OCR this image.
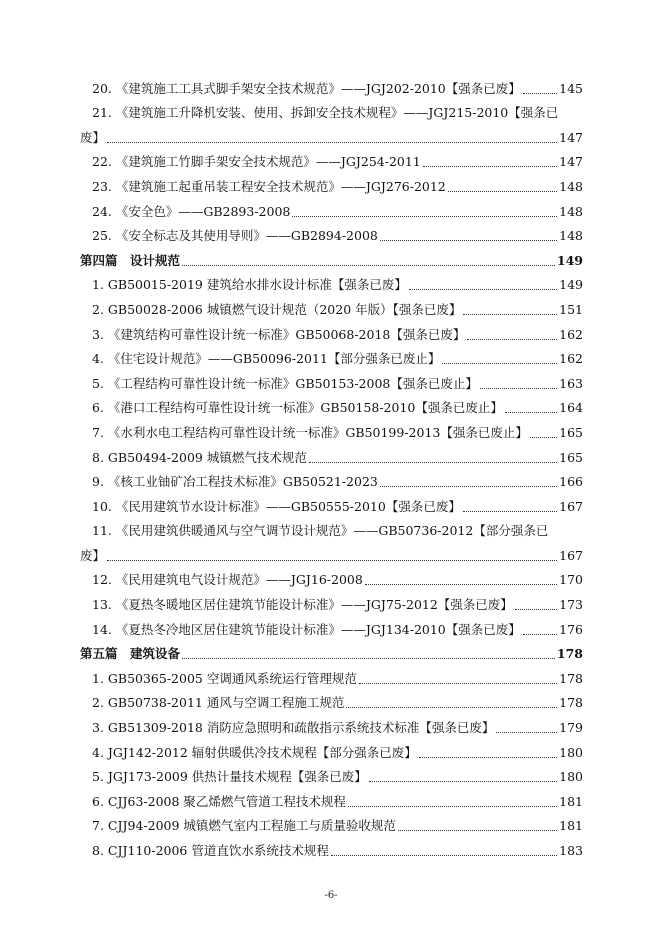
20. 《建筑施工工具式脚手架安全技术规范》——JGJ202-2010【强条已废】	145
21. 《建筑施工升降机安装、使用、拆卸安全技术规程》——JGJ215-2010【强条已
废】	147
22. 《建筑施工竹脚手架安全技术规范》——JGJ254-2011	147
23. 《建筑施工起重吊装工程安全技术规范》——JGJ276-2012	148
24. 《安全色》——GB2893-2008	148
25. 《安全标志及其使用导则》——GB2894-2008	148
第四篇　设计规范	149
1. GB50015-2019 建筑给水排水设计标准【强条已废】	149
2. GB50028-2006 城镇燃气设计规范（2020 年版）【强条已废】	151
3. 《建筑结构可靠性设计统一标准》GB50068-2018【强条已废】	162
4. 《住宅设计规范》——GB50096-2011【部分强条已废止】	162
5. 《工程结构可靠性设计统一标准》GB50153-2008【强条已废止】	163
6. 《港口工程结构可靠性设计统一标准》GB50158-2010【强条已废止】	164
7. 《水利水电工程结构可靠性设计统一标准》GB50199-2013【强条已废止】	165
8. GB50494-2009 城镇燃气技术规范	165
9. 《核工业铀矿冶工程技术标准》GB50521-2023	166
10. 《民用建筑节水设计标准》——GB50555-2010【强条已废】	167
11. 《民用建筑供暖通风与空气调节设计规范》——GB50736-2012【部分强条已
废】	167
12. 《民用建筑电气设计规范》——JGJ16-2008	170
13. 《夏热冬暖地区居住建筑节能设计标准》——JGJ75-2012【强条已废】	173
14. 《夏热冬冷地区居住建筑节能设计标准》——JGJ134-2010【强条已废】	176
第五篇　建筑设备	178
1. GB50365-2005 空调通风系统运行管理规范	178
2. GB50738-2011 通风与空调工程施工规范	178
3. GB51309-2018 消防应急照明和疏散指示系统技术标准【强条已废】	179
4. JGJ142-2012 辐射供暖供冷技术规程【部分强条已废】	180
5. JGJ173-2009 供热计量技术规程【强条已废】	180
6. CJJ63-2008 聚乙烯燃气管道工程技术规程	181
7. CJJ94-2009 城镇燃气室内工程施工与质量验收规范	181
8. CJJ110-2006 管道直饮水系统技术规程	183
-6-
